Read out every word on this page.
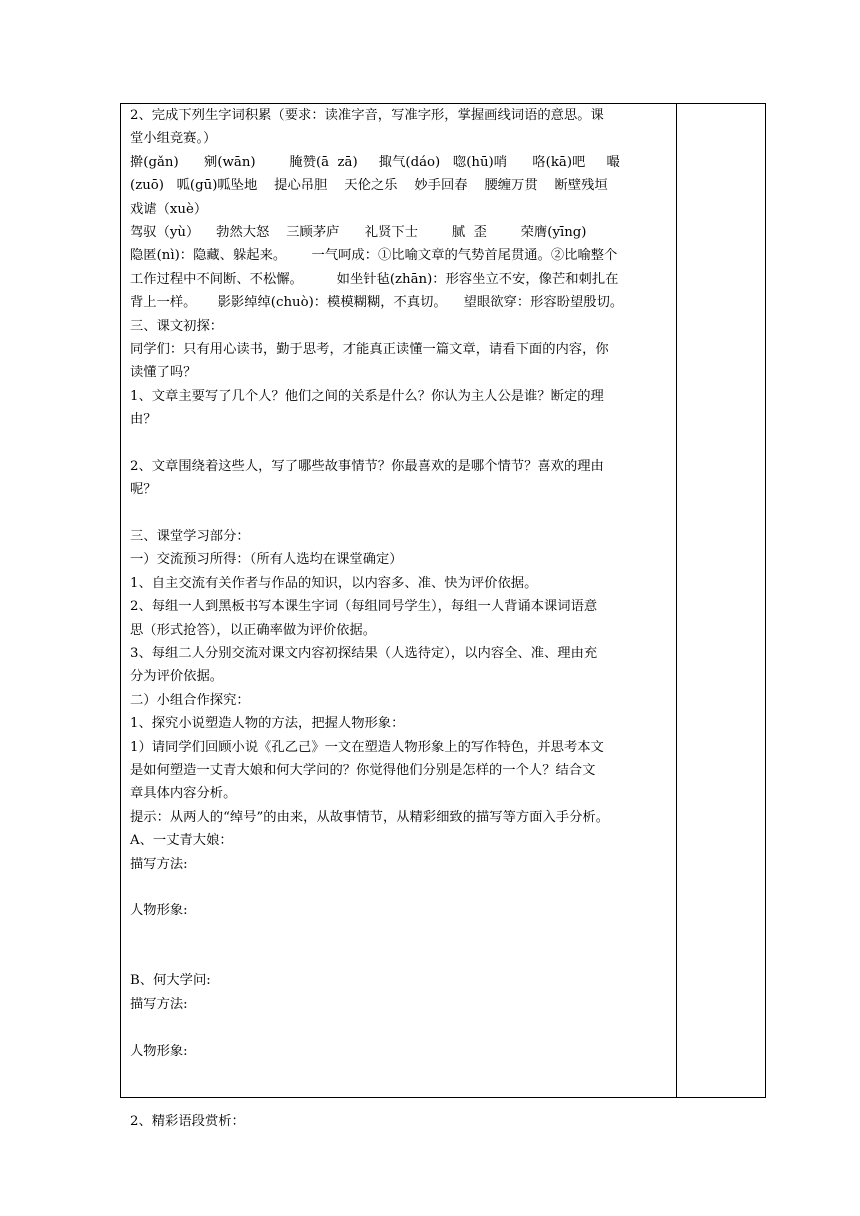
2、完成下列生字词积累（要求：读准字音，写准字形，掌握画线词语的意思。课
堂小组竞赛。）
擀(gǎn)      剜(wān)        腌赞(ā  zā)     掫气(dáo)   唿(hū)哨      咯(kā)吧     嘬
(zuō)   呱(gū)呱坠地    提心吊胆    天伦之乐    妙手回春    腰缠万贯    断壁残垣
戏谑（xuè）
驾驭（yù）    勃然大怒    三顾茅庐      礼贤下士        腻  歪        荣膺(yīng)
隐匿(nì)：隐藏、躲起来。      一气呵成：①比喻文章的气势首尾贯通。②比喻整个
工作过程中不间断、不松懈。        如坐针毡(zhān)：形容坐立不安，像芒和刺扎在
背上一样。     影影绰绰(chuò)：模模糊糊，不真切。    望眼欲穿：形容盼望殷切。
三、课文初探：
同学们：只有用心读书，勤于思考，才能真正读懂一篇文章，请看下面的内容，你
读懂了吗？
1、文章主要写了几个人？他们之间的关系是什么？你认为主人公是谁？断定的理
由？
2、文章围绕着这些人，写了哪些故事情节？你最喜欢的是哪个情节？喜欢的理由
呢？
三、课堂学习部分：
一）交流预习所得：（所有人选均在课堂确定）
1、自主交流有关作者与作品的知识，以内容多、准、快为评价依据。
2、每组一人到黑板书写本课生字词（每组同号学生），每组一人背诵本课词语意
思（形式抢答），以正确率做为评价依据。
3、每组二人分别交流对课文内容初探结果（人选待定），以内容全、准、理由充
分为评价依据。
二）小组合作探究：
1、探究小说塑造人物的方法，把握人物形象：
1）请同学们回顾小说《孔乙己》一文在塑造人物形象上的写作特色，并思考本文
是如何塑造一丈青大娘和何大学问的？你觉得他们分别是怎样的一个人？结合文
章具体内容分析。
提示：从两人的“绰号”的由来，从故事情节，从精彩细致的描写等方面入手分析。
A、一丈青大娘：
描写方法:
人物形象:
B、何大学问:
描写方法:
人物形象:
2、精彩语段赏析：
